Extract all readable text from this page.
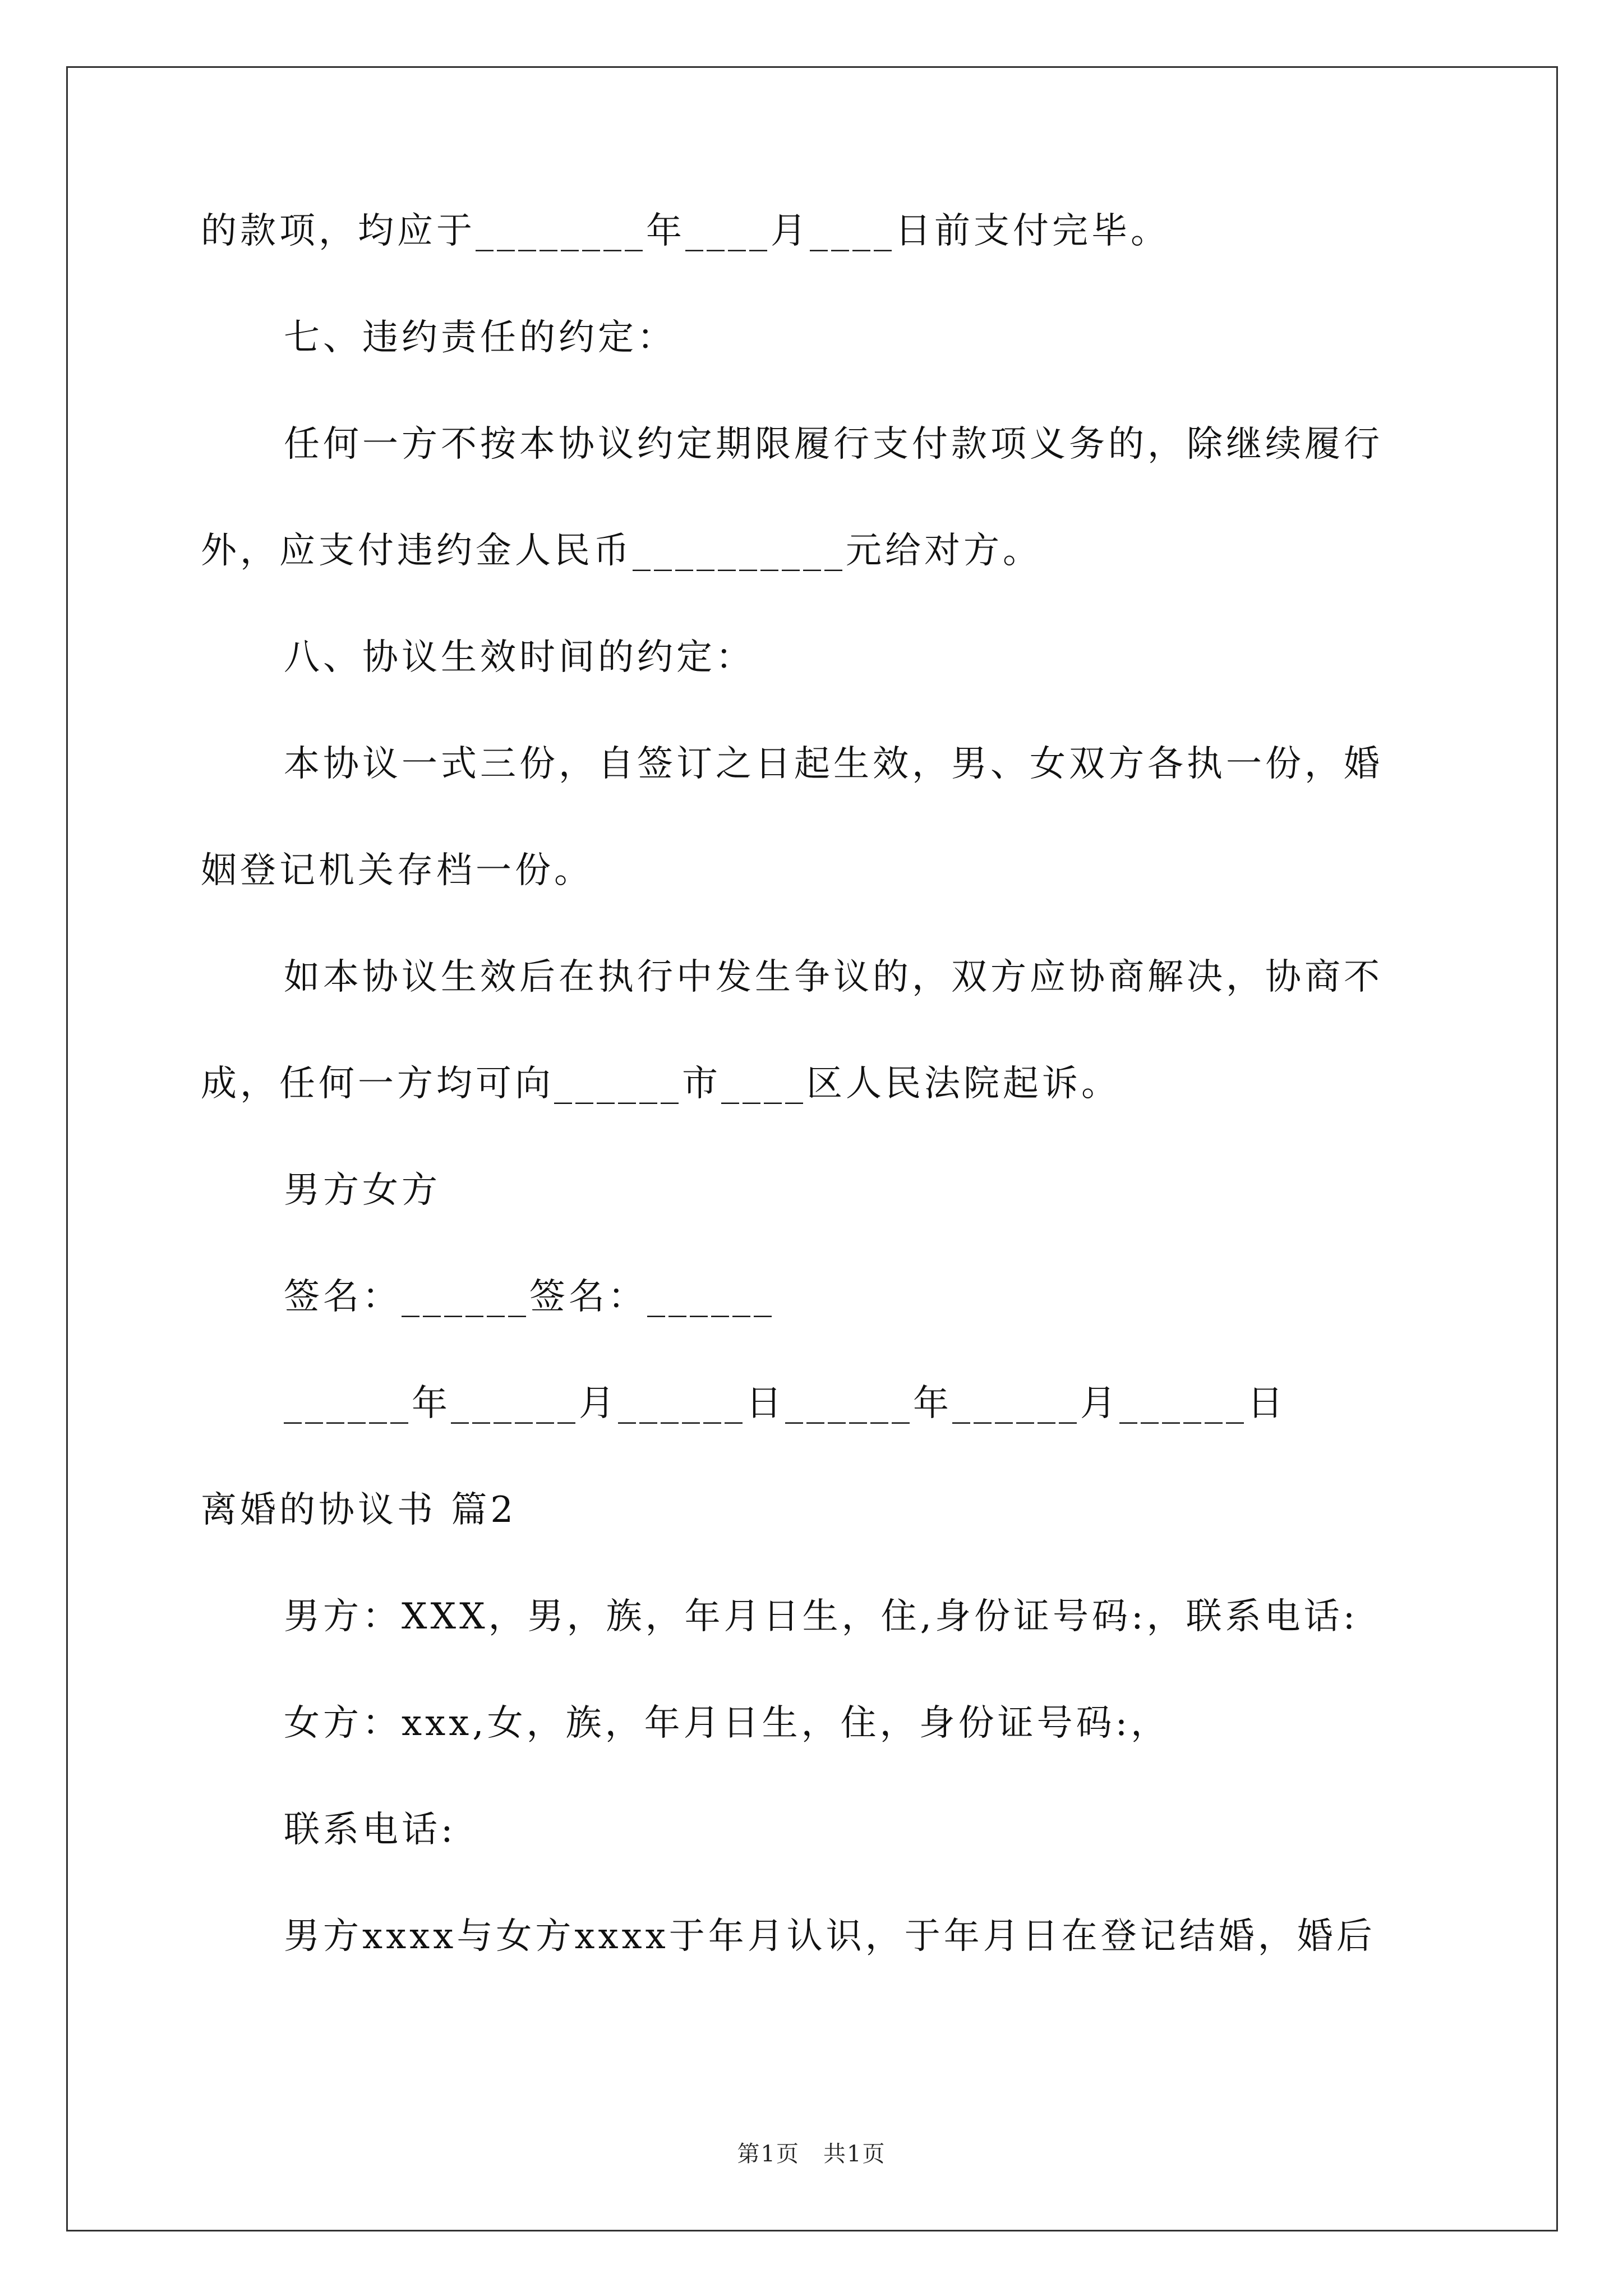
的款项，均应于________年____月____日前支付完毕。
七、违约责任的约定：
任何一方不按本协议约定期限履行支付款项义务的，除继续履行
外，应支付违约金人民币__________元给对方。
八、协议生效时间的约定：
本协议一式三份，自签订之日起生效，男、女双方各执一份，婚
姻登记机关存档一份。
如本协议生效后在执行中发生争议的，双方应协商解决，协商不
成，任何一方均可向______市____区人民法院起诉。
男方女方
签名：______签名：______
______年______月______日______年______月______日
离婚的协议书 篇2
男方：XXX，男，族，年月日生，住,身份证号码:，联系电话:
女方：xxx,女，族，年月日生，住，身份证号码:，
联系电话:
男方xxxx与女方xxxx于年月认识，于年月日在登记结婚，婚后
第1页　共1页
